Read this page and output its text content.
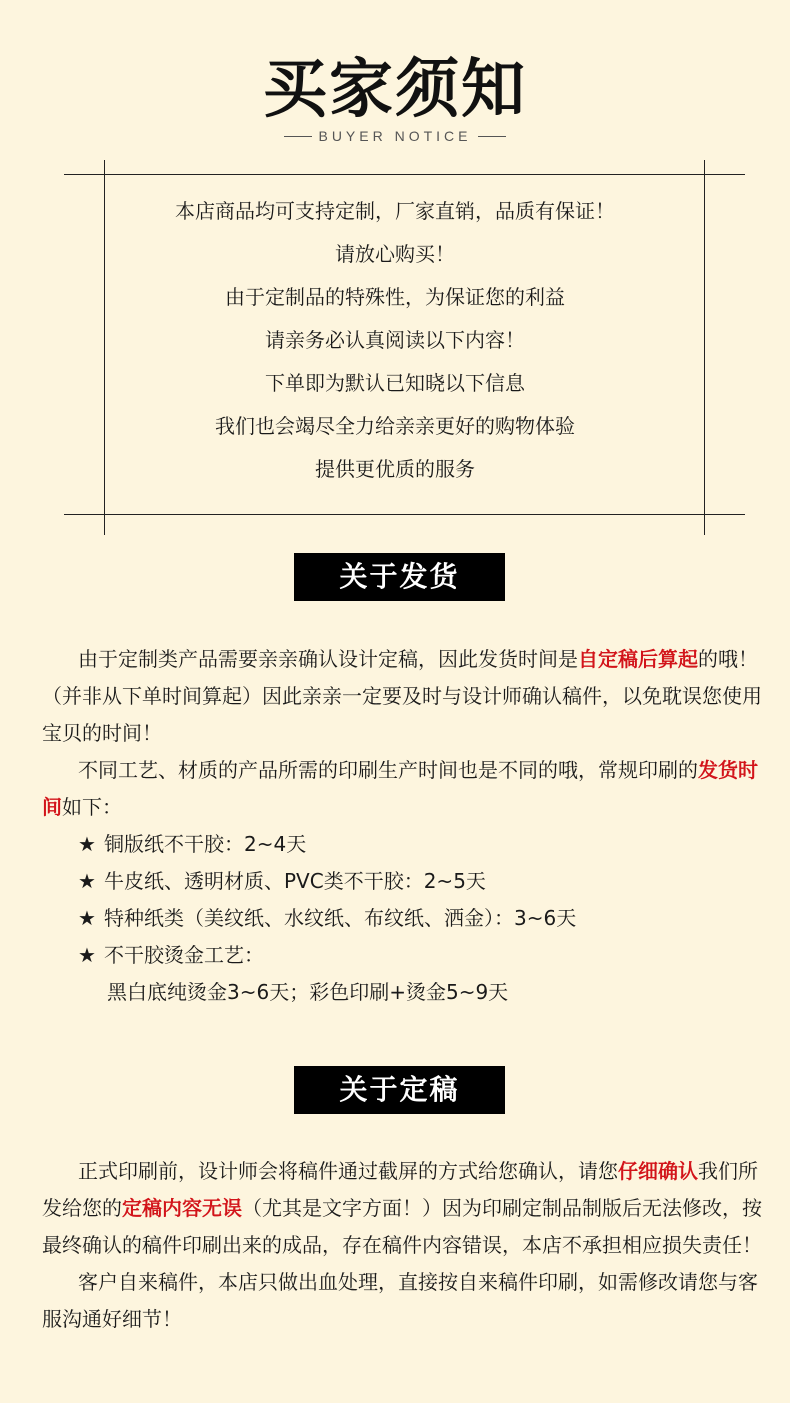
买家须知
BUYER NOTICE
本店商品均可支持定制，厂家直销，品质有保证！
请放心购买！
由于定制品的特殊性，为保证您的利益
请亲务必认真阅读以下内容！
下单即为默认已知晓以下信息
我们也会竭尽全力给亲亲更好的购物体验
提供更优质的服务
关于发货

由于定制类产品需要亲亲确认设计定稿，因此发货时间是自定稿后算起的哦！（并非从下单时间算起）因此亲亲一定要及时与设计师确认稿件，以免耽误您使用宝贝的时间！

不同工艺、材质的产品所需的印刷生产时间也是不同的哦，常规印刷的发货时间如下：

★ 铜版纸不干胶：2~4天
★ 牛皮纸、透明材质、PVC类不干胶：2~5天
★ 特种纸类（美纹纸、水纹纸、布纹纸、洒金）：3~6天
★ 不干胶烫金工艺：
黑白底纯烫金3~6天；彩色印刷+烫金5~9天
关于定稿

正式印刷前，设计师会将稿件通过截屏的方式给您确认，请您仔细确认我们所发给您的定稿内容无误（尤其是文字方面！）因为印刷定制品制版后无法修改，按最终确认的稿件印刷出来的成品，存在稿件内容错误，本店不承担相应损失责任！

客户自来稿件，本店只做出血处理，直接按自来稿件印刷，如需修改请您与客服沟通好细节！
